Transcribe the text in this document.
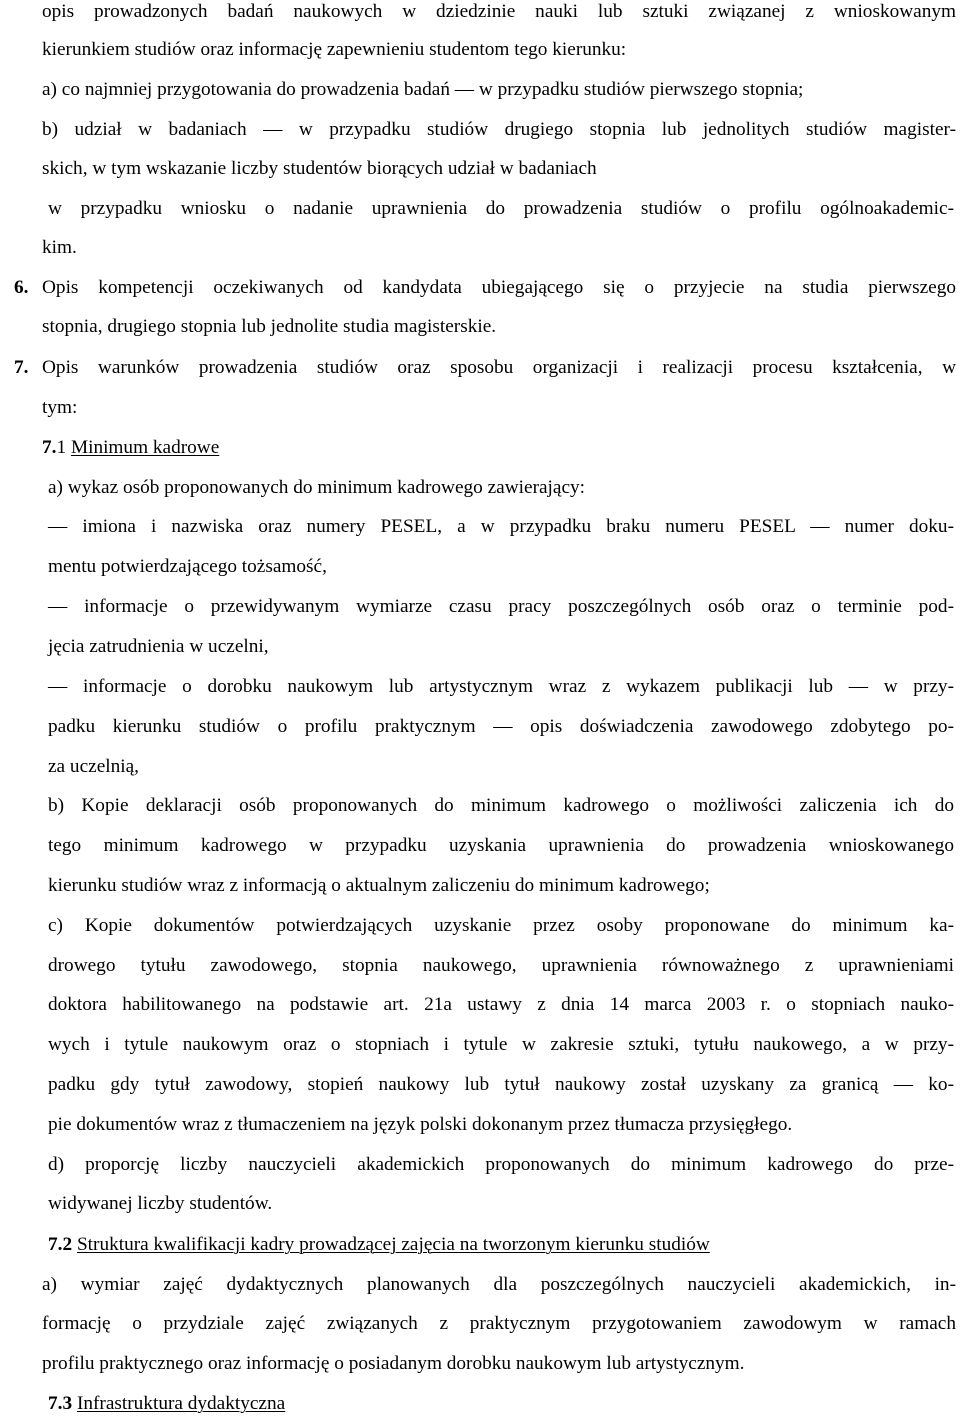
opis prowadzonych badań naukowych w dziedzinie nauki lub sztuki związanej z wnioskowanym
kierunkiem studiów oraz informację zapewnieniu studentom tego kierunku:
a) co najmniej przygotowania do prowadzenia badań — w przypadku studiów pierwszego stopnia;
b) udział w badaniach — w przypadku studiów drugiego stopnia lub jednolitych studiów magister-
skich, w tym wskazanie liczby studentów biorących udział w badaniach
w przypadku wniosku o nadanie uprawnienia do prowadzenia studiów o profilu ogólnoakademic-
kim.
6. Opis kompetencji oczekiwanych od kandydata ubiegającego się o przyjecie na studia pierwszego
stopnia, drugiego stopnia lub jednolite studia magisterskie.
7. Opis warunków prowadzenia studiów oraz sposobu organizacji i realizacji procesu kształcenia, w
tym:
7.1 Minimum kadrowe
a) wykaz osób proponowanych do minimum kadrowego zawierający:
— imiona i nazwiska oraz numery PESEL, a w przypadku braku numeru PESEL — numer doku-
mentu potwierdzającego tożsamość,
— informacje o przewidywanym wymiarze czasu pracy poszczególnych osób oraz o terminie pod-
jęcia zatrudnienia w uczelni,
— informacje o dorobku naukowym lub artystycznym wraz z wykazem publikacji lub — w przy-
padku kierunku studiów o profilu praktycznym — opis doświadczenia zawodowego zdobytego po-
za uczelnią,
b) Kopie deklaracji osób proponowanych do minimum kadrowego o możliwości zaliczenia ich do
tego minimum kadrowego w przypadku uzyskania uprawnienia do prowadzenia wnioskowanego
kierunku studiów wraz z informacją o aktualnym zaliczeniu do minimum kadrowego;
c) Kopie dokumentów potwierdzających uzyskanie przez osoby proponowane do minimum ka-
drowego tytułu zawodowego, stopnia naukowego, uprawnienia równoważnego z uprawnieniami
doktora habilitowanego na podstawie art. 21a ustawy z dnia 14 marca 2003 r. o stopniach nauko-
wych i tytule naukowym oraz o stopniach i tytule w zakresie sztuki, tytułu naukowego, a w przy-
padku gdy tytuł zawodowy, stopień naukowy lub tytuł naukowy został uzyskany za granicą — ko-
pie dokumentów wraz z tłumaczeniem na język polski dokonanym przez tłumacza przysięgłego.
d) proporcję liczby nauczycieli akademickich proponowanych do minimum kadrowego do prze-
widywanej liczby studentów.
7.2 Struktura kwalifikacji kadry prowadzącej zajęcia na tworzonym kierunku studiów
a) wymiar zajęć dydaktycznych planowanych dla poszczególnych nauczycieli akademickich, in-
formację o przydziale zajęć związanych z praktycznym przygotowaniem zawodowym w ramach
profilu praktycznego oraz informację o posiadanym dorobku naukowym lub artystycznym.
7.3 Infrastruktura dydaktyczna
